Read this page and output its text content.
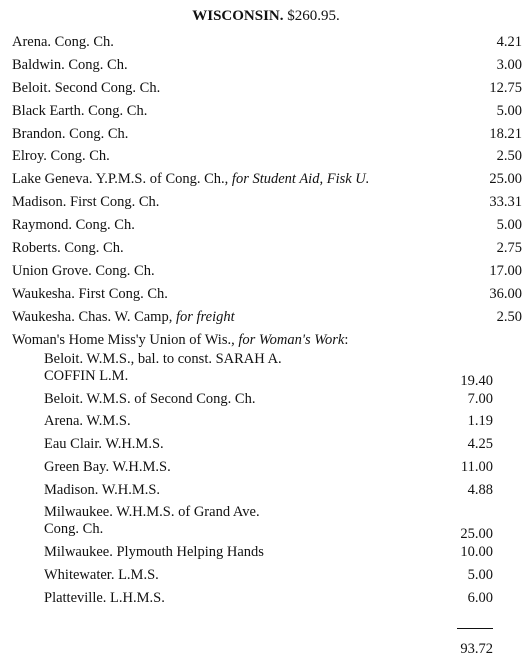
WISCONSIN. $260.95.
Arena. Cong. Ch.	4.21
Baldwin. Cong. Ch.	3.00
Beloit. Second Cong. Ch.	12.75
Black Earth. Cong. Ch.	5.00
Brandon. Cong. Ch.	18.21
Elroy. Cong. Ch.	2.50
Lake Geneva. Y.P.M.S. of Cong. Ch., for Student Aid, Fisk U.	25.00
Madison. First Cong. Ch.	33.31
Raymond. Cong. Ch.	5.00
Roberts. Cong. Ch.	2.75
Union Grove. Cong. Ch.	17.00
Waukesha. First Cong. Ch.	36.00
Waukesha. Chas. W. Camp, for freight	2.50
Woman's Home Miss'y Union of Wis., for Woman's Work:
Beloit. W.M.S., bal. to const. SARAH A.
COFFIN L.M.	19.40
Beloit. W.M.S. of Second Cong. Ch.	7.00
Arena. W.M.S.	1.19
Eau Clair. W.H.M.S.	4.25
Green Bay. W.H.M.S.	11.00
Madison. W.H.M.S.	4.88
Milwaukee. W.H.M.S. of Grand Ave.
Cong. Ch.	25.00
Milwaukee. Plymouth Helping Hands	10.00
Whitewater. L.M.S.	5.00
Platteville. L.H.M.S.	6.00
93.72
